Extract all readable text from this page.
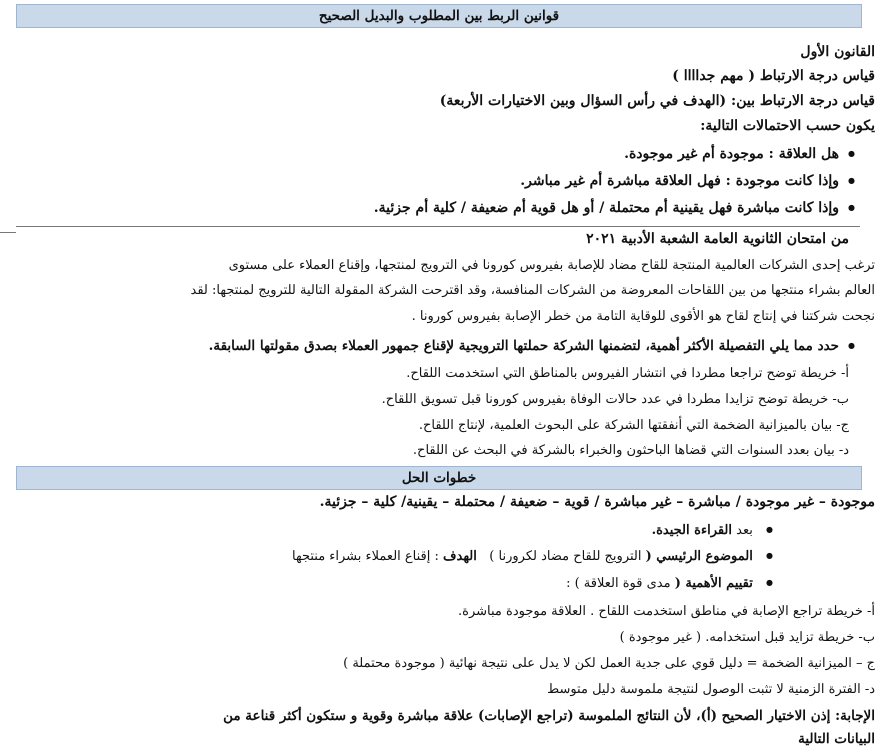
قوانين الربط بين المطلوب والبديل الصحيح
القانون الأول
قياس درجة الارتباط ( مهم جداااا )
قياس درجة الارتباط بين: (الهدف في رأس السؤال وبين الاختيارات الأربعة)
يكون حسب الاحتمالات التالية:
● هل العلاقة : موجودة أم غير موجودة.
● وإذا كانت موجودة : فهل العلاقة مباشرة أم غير مباشر.
● وإذا كانت مباشرة فهل يقينية أم محتملة / أو هل قوية أم ضعيفة / كلية أم جزئية.
من امتحان الثانوية العامة الشعبة الأدبية ٢٠٢١
ترغب إحدى الشركات العالمية المنتجة للقاح مضاد للإصابة بفيروس كورونا في الترويج لمنتجها، وإقناع العملاء على مستوى
العالم بشراء منتجها من بين اللقاحات المعروضة من الشركات المنافسة، وقد اقترحت الشركة المقولة التالية للترويج لمنتجها: لقد
نجحت شركتنا في إنتاج لقاح هو الأقوى للوقاية التامة من خطر الإصابة بفيروس كورونا .
● حدد مما يلي التفصيلة الأكثر أهمية، لتضمنها الشركة حملتها الترويجية لإقناع جمهور العملاء بصدق مقولتها السابقة.
أ- خريطة توضح تراجعا مطردا في انتشار الفيروس بالمناطق التي استخدمت اللقاح.
ب- خريطة توضح تزايدا مطردا في عدد حالات الوفاة بفيروس كورونا قبل تسويق اللقاح.
ج- بيان بالميزانية الضخمة التي أنفقتها الشركة على البحوث العلمية، لإنتاج اللقاح.
د- بيان بعدد السنوات التي قضاها الباحثون والخبراء بالشركة في البحث عن اللقاح.
خطوات الحل
موجودة – غير موجودة / مباشرة – غير مباشرة / قوية – ضعيفة / محتملة – يقينية/ كلية – جزئية.
● بعد القراءة الجيدة.
● الموضوع الرئيسي ( الترويج للقاح مضاد لكرورنا )   الهدف : إقناع العملاء بشراء منتجها
● تقييم الأهمية ( مدى قوة العلاقة ) :
أ- خريطة تراجع الإصابة في مناطق استخدمت اللقاح . العلاقة موجودة مباشرة.
ب- خريطة تزايد قبل استخدامه. ( غير موجودة )
ج – الميزانية الضخمة = دليل قوي على جدية العمل لكن لا يدل على نتيجة نهائية ( موجودة محتملة )
د- الفترة الزمنية لا تثبت الوصول لنتيجة ملموسة دليل متوسط
الإجابة: إذن الاختيار الصحيح (أ)، لأن النتائج الملموسة (تراجع الإصابات) علاقة مباشرة وقوية و ستكون أكثر قناعة من
البيانات التالية
